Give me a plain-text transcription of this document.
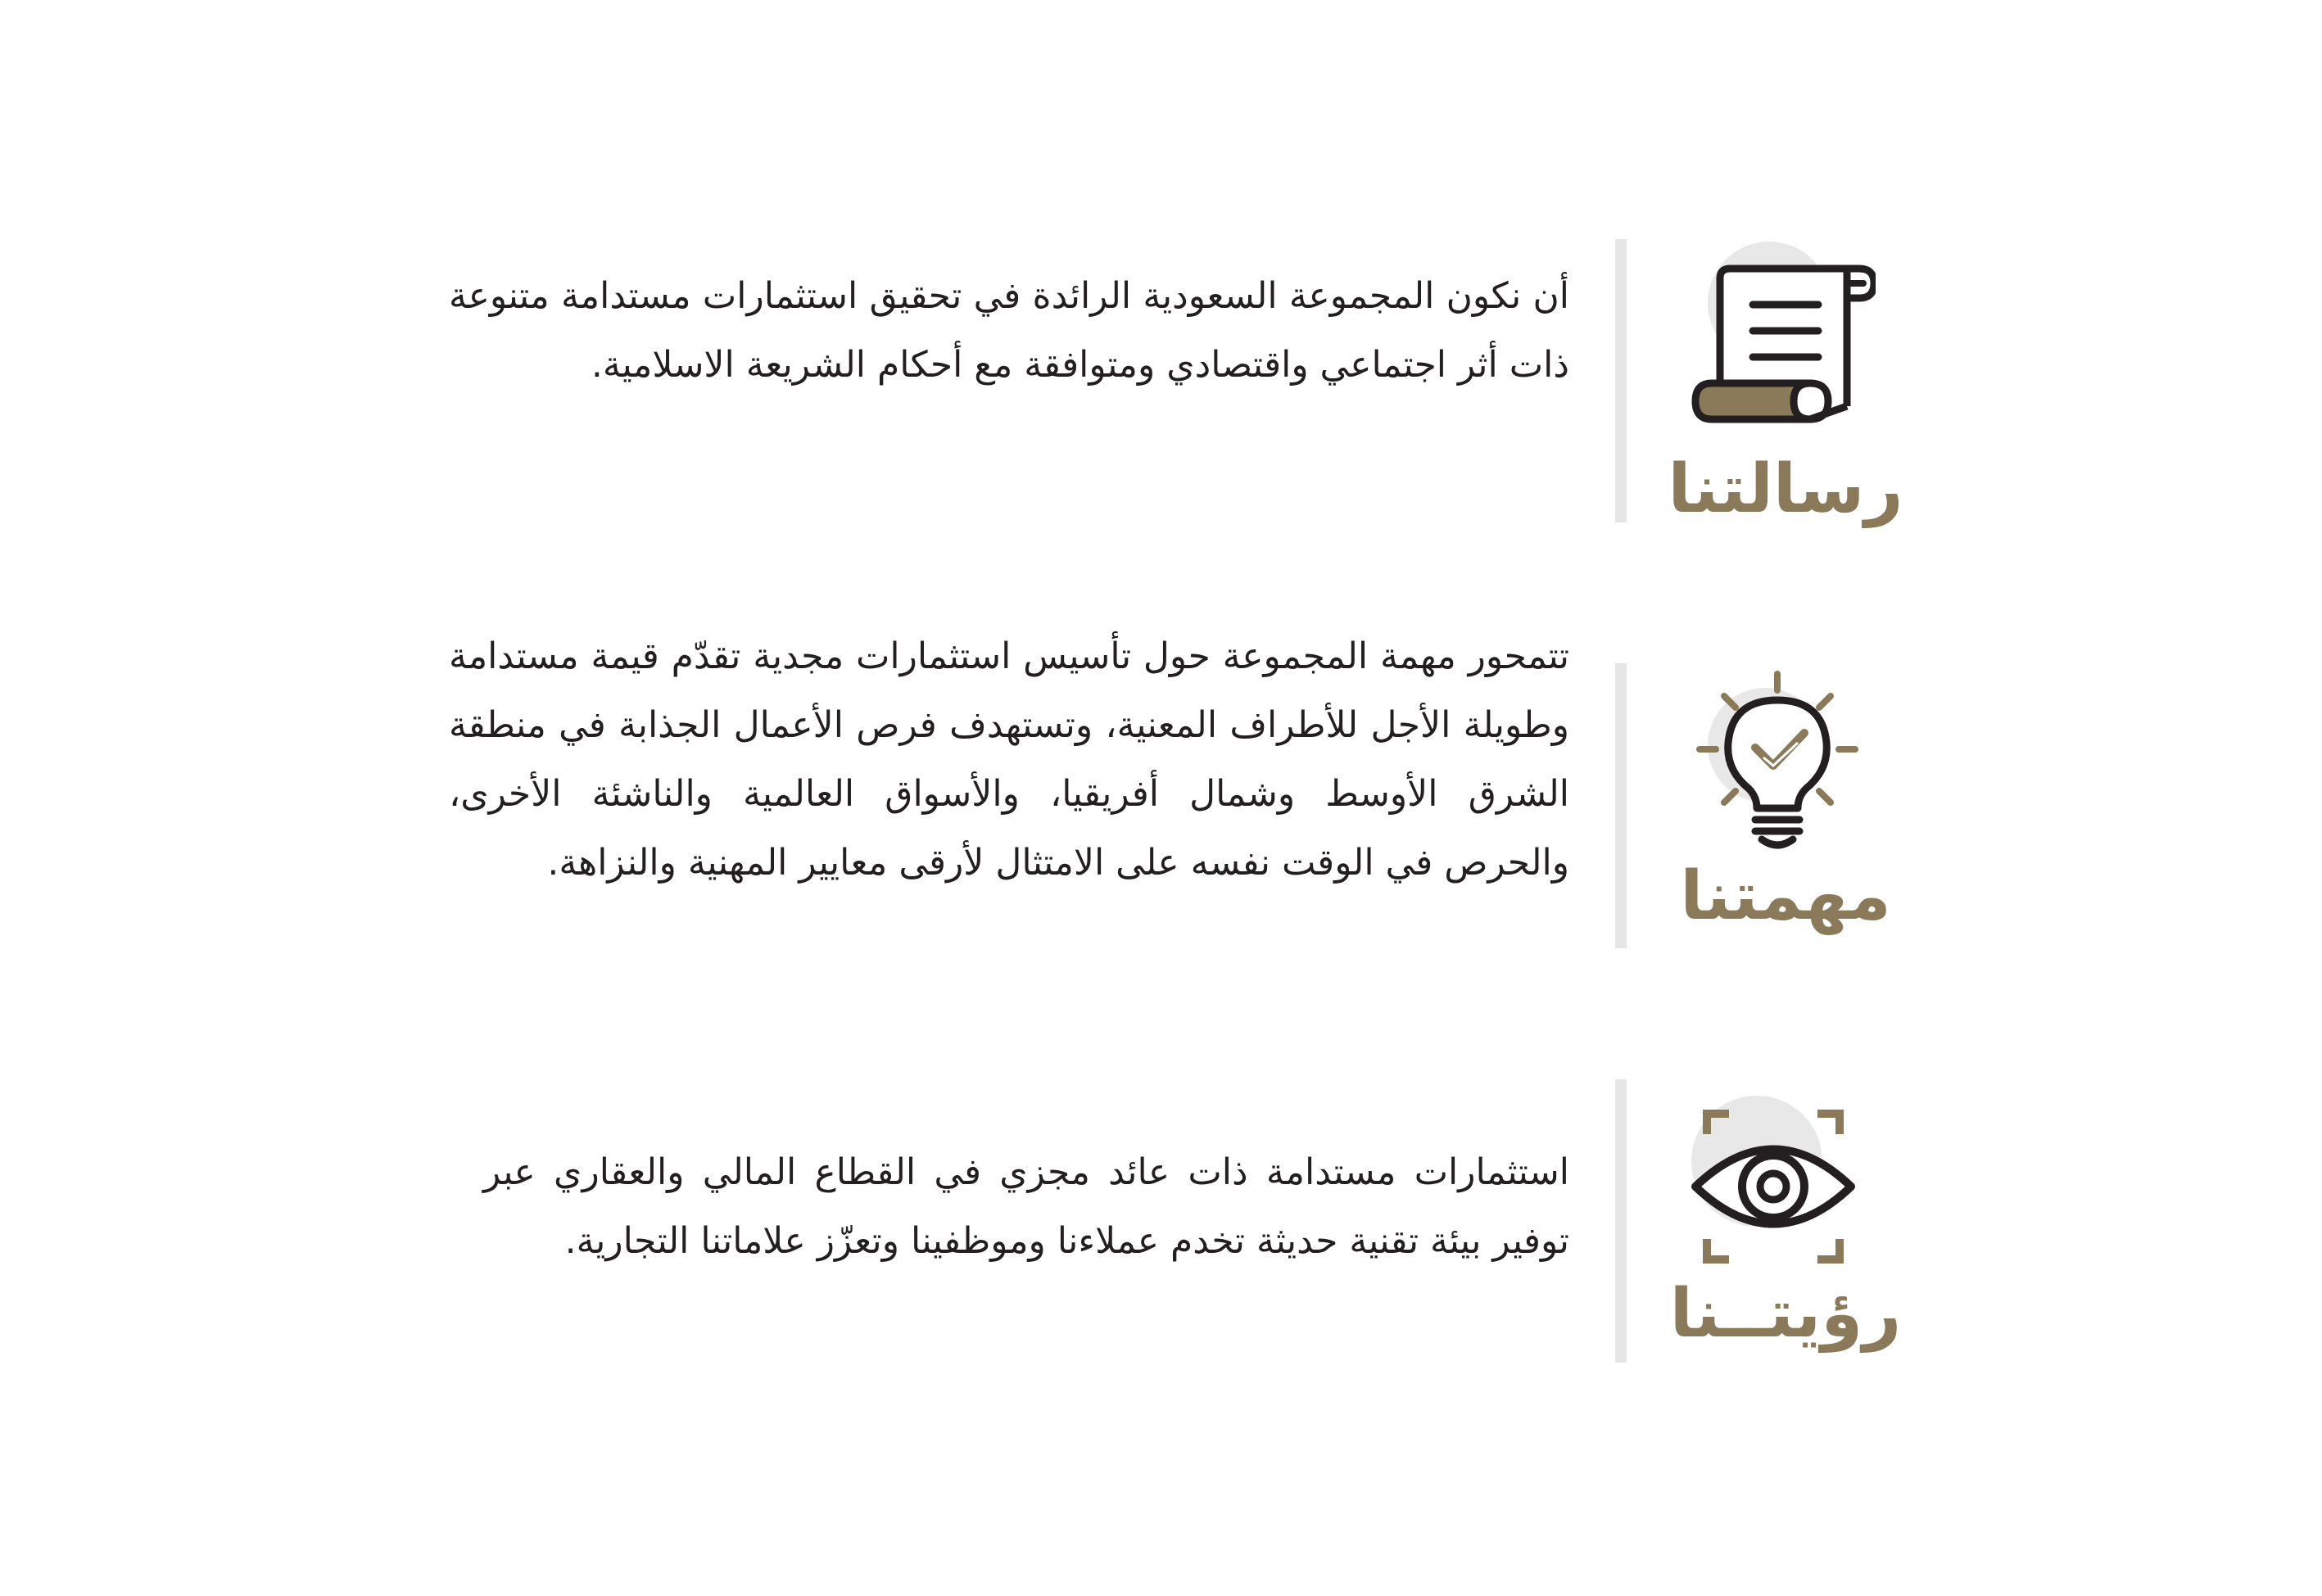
أن نكون المجموعة السعودية الرائدة في تحقيق استثمارات مستدامة متنوعة ذات أثر اجتماعي واقتصادي ومتوافقة مع أحكام الشريعة الاسلامية.

رسالتنا

تتمحور مهمة المجموعة حول تأسيس استثمارات مجدية تقدّم قيمة مستدامة وطويلة الأجل للأطراف المعنية، وتستهدف فرص الأعمال الجذابة في منطقة الشرق الأوسط وشمال أفريقيا، والأسواق العالمية والناشئة الأخرى، والحرص في الوقت نفسه على الامتثال لأرقى معايير المهنية والنزاهة.	مهمتنا

استثمارات مستدامة ذات عائد مجزي في القطاع المالي والعقاري عبر توفير بيئة تقنية حديثة تخدم عملاءنا وموظفينا وتعزّز علاماتنا التجارية.

رؤيتــنا
